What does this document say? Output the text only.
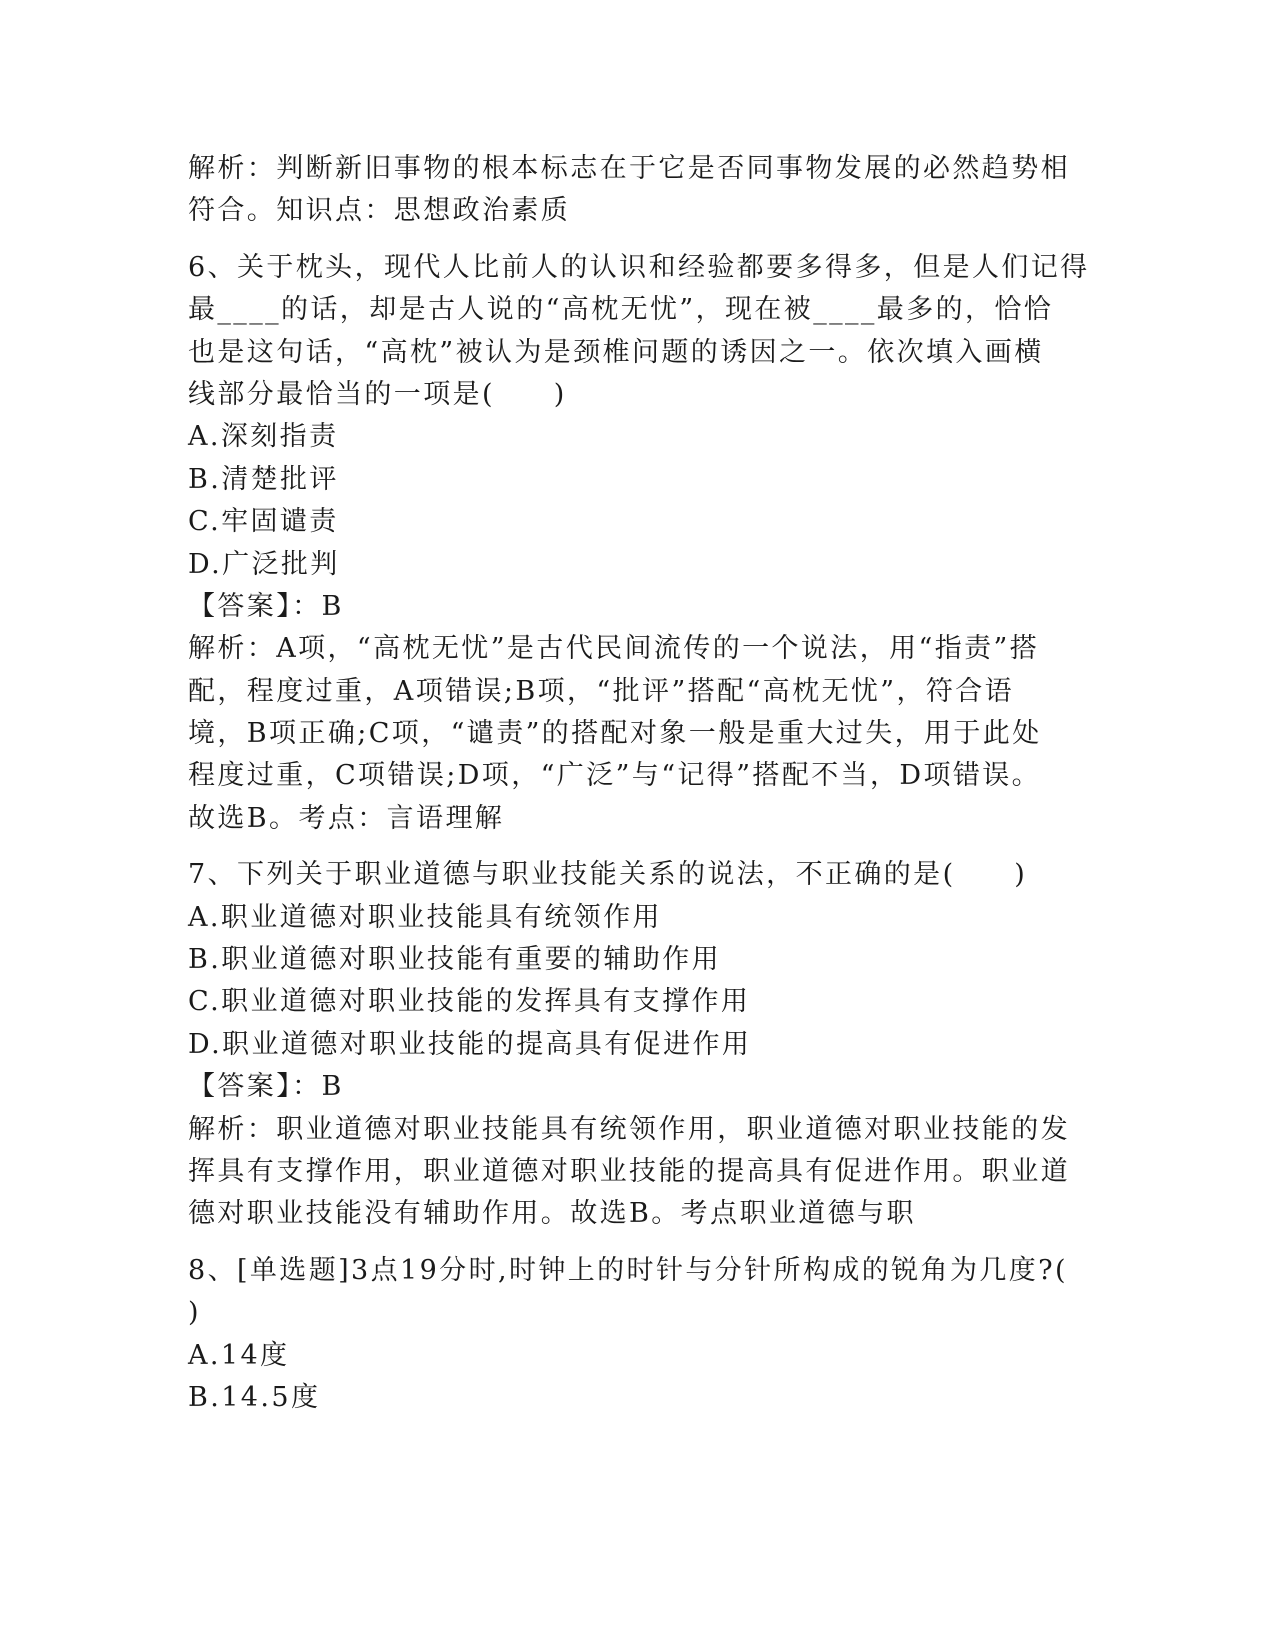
解析：判断新旧事物的根本标志在于它是否同事物发展的必然趋势相
符合。知识点：思想政治素质
6、关于枕头，现代人比前人的认识和经验都要多得多，但是人们记得
最____的话，却是古人说的“高枕无忧”，现在被____最多的，恰恰
也是这句话，“高枕”被认为是颈椎问题的诱因之一。依次填入画横
线部分最恰当的一项是(　　)
A.深刻指责
B.清楚批评
C.牢固谴责
D.广泛批判
【答案】：B
解析：A项，“高枕无忧”是古代民间流传的一个说法，用“指责”搭
配，程度过重，A项错误;B项，“批评”搭配“高枕无忧”，符合语
境，B项正确;C项，“谴责”的搭配对象一般是重大过失，用于此处
程度过重，C项错误;D项，“广泛”与“记得”搭配不当，D项错误。
故选B。考点：言语理解
7、下列关于职业道德与职业技能关系的说法，不正确的是(　　)
A.职业道德对职业技能具有统领作用
B.职业道德对职业技能有重要的辅助作用
C.职业道德对职业技能的发挥具有支撑作用
D.职业道德对职业技能的提高具有促进作用
【答案】：B
解析：职业道德对职业技能具有统领作用，职业道德对职业技能的发
挥具有支撑作用，职业道德对职业技能的提高具有促进作用。职业道
德对职业技能没有辅助作用。故选B。考点职业道德与职
8、[单选题]3点19分时,时钟上的时针与分针所构成的锐角为几度?(
)
A.14度
B.14.5度
